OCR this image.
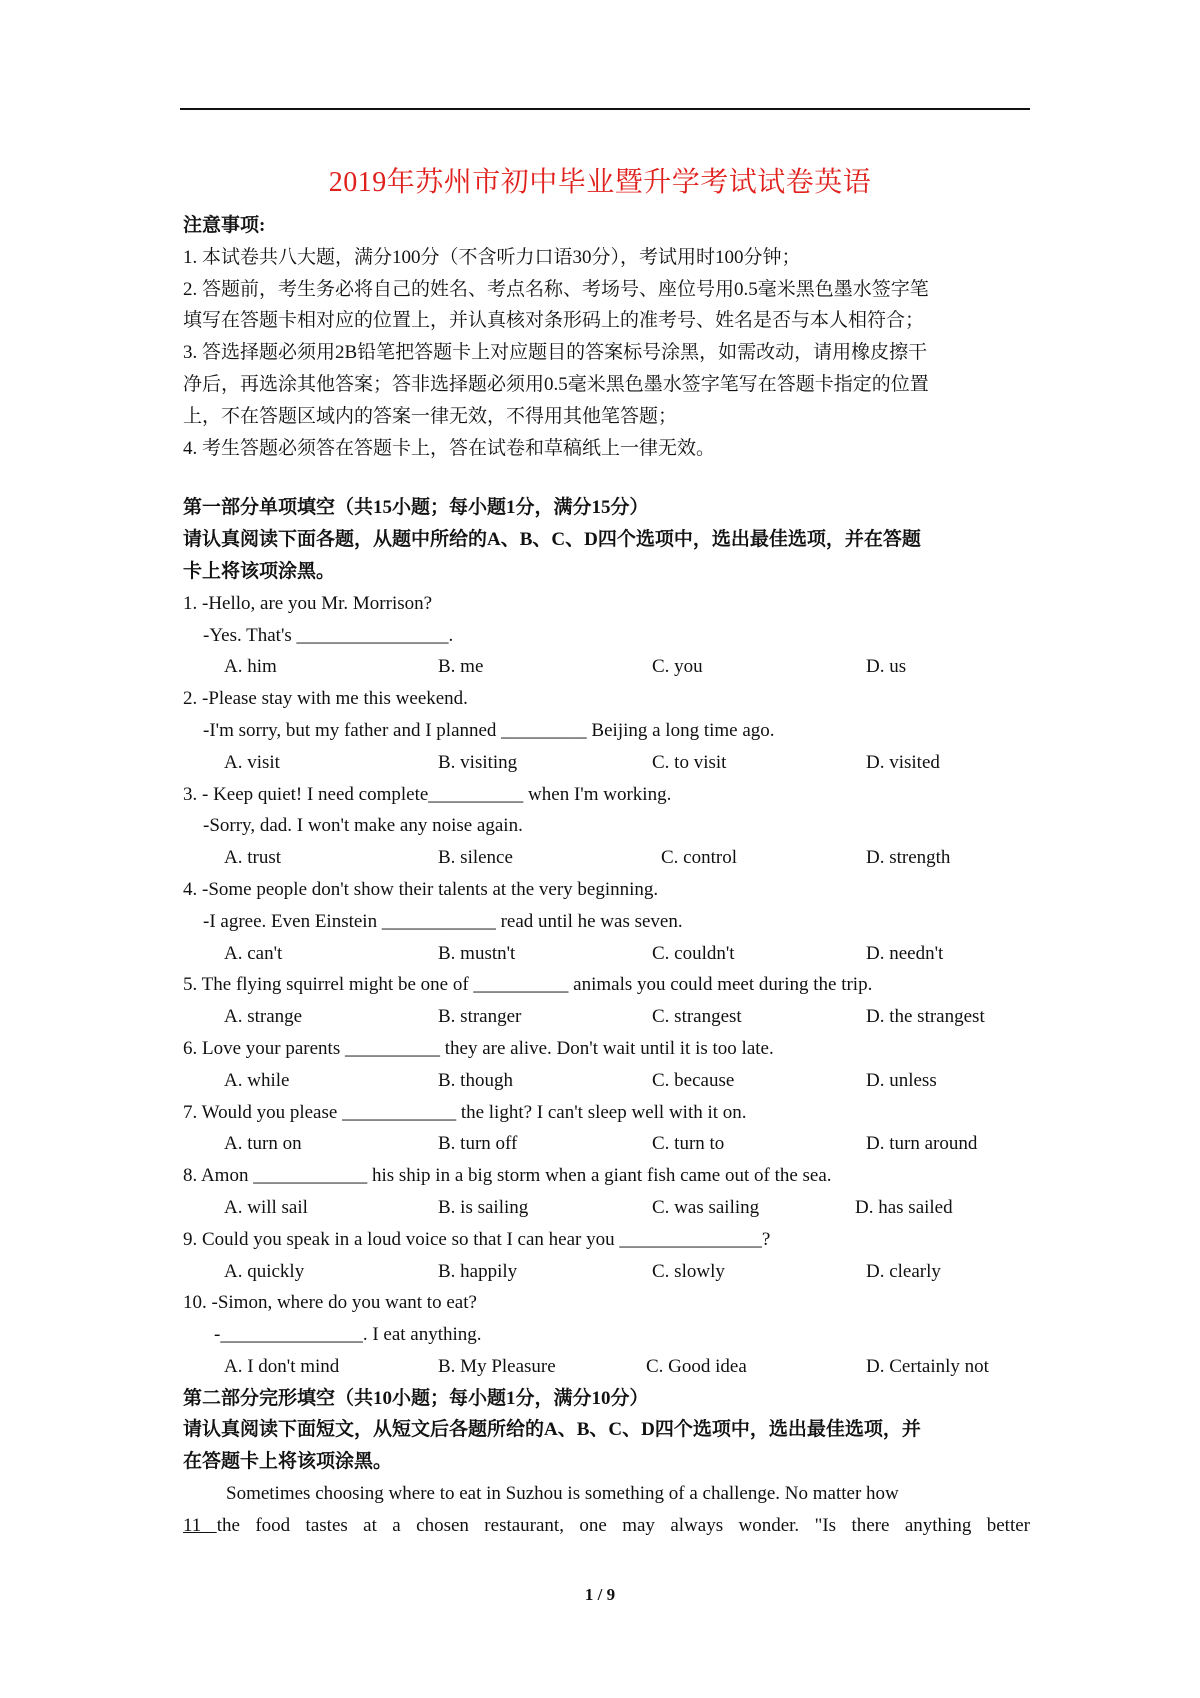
2019年苏州市初中毕业暨升学考试试卷英语
注意事项:
1. 本试卷共八大题，满分100分（不含听力口语30分），考试用时100分钟；
2. 答题前，考生务必将自己的姓名、考点名称、考场号、座位号用0.5毫米黑色墨水签字笔
填写在答题卡相对应的位置上，并认真核对条形码上的准考号、姓名是否与本人相符合；
3. 答选择题必须用2B铅笔把答题卡上对应题目的答案标号涂黑，如需改动，请用橡皮擦干
净后，再选涂其他答案；答非选择题必须用0.5毫米黑色墨水签字笔写在答题卡指定的位置
上，不在答题区域内的答案一律无效，不得用其他笔答题；
4. 考生答题必须答在答题卡上，答在试卷和草稿纸上一律无效。
第一部分单项填空（共15小题；每小题1分，满分15分）
请认真阅读下面各题，从题中所给的A、B、C、D四个选项中，选出最佳选项，并在答题
卡上将该项涂黑。
1. -Hello, are you Mr. Morrison?
-Yes. That's ________________.
A. him	B. me	C. you	D. us
2. -Please stay with me this weekend.
-I'm sorry, but my father and I planned _________ Beijing a long time ago.
A. visit	B. visiting	C. to visit	D. visited
3. - Keep quiet! I need complete__________ when I'm working.
-Sorry, dad. I won't make any noise again.
A. trust	B. silence	C. control	D. strength
4. -Some people don't show their talents at the very beginning.
-I agree. Even Einstein ____________ read until he was seven.
A. can't	B. mustn't	C. couldn't	D. needn't
5. The flying squirrel might be one of __________ animals you could meet during the trip.
A. strange	B. stranger	C. strangest	D. the strangest
6. Love your parents __________ they are alive. Don't wait until it is too late.
A. while	B. though	C. because	D. unless
7. Would you please ____________ the light? I can't sleep well with it on.
A. turn on	B. turn off	C. turn to	D. turn around
8. Amon ____________ his ship in a big storm when a giant fish came out of the sea.
A. will sail	B. is sailing	C. was sailing	D. has sailed
9. Could you speak in a loud voice so that I can hear you _______________?
A. quickly	B. happily	C. slowly	D. clearly
10. -Simon, where do you want to eat?
-_______________. I eat anything.
A. I don't mind	B. My Pleasure	C. Good idea	D. Certainly not
第二部分完形填空（共10小题；每小题1分，满分10分）
请认真阅读下面短文，从短文后各题所给的A、B、C、D四个选项中，选出最佳选项，并
在答题卡上将该项涂黑。
Sometimes choosing where to eat in Suzhou is something of a challenge. No matter how
11 the food tastes at a chosen restaurant, one may always wonder. "Is there anything better
1 / 9
